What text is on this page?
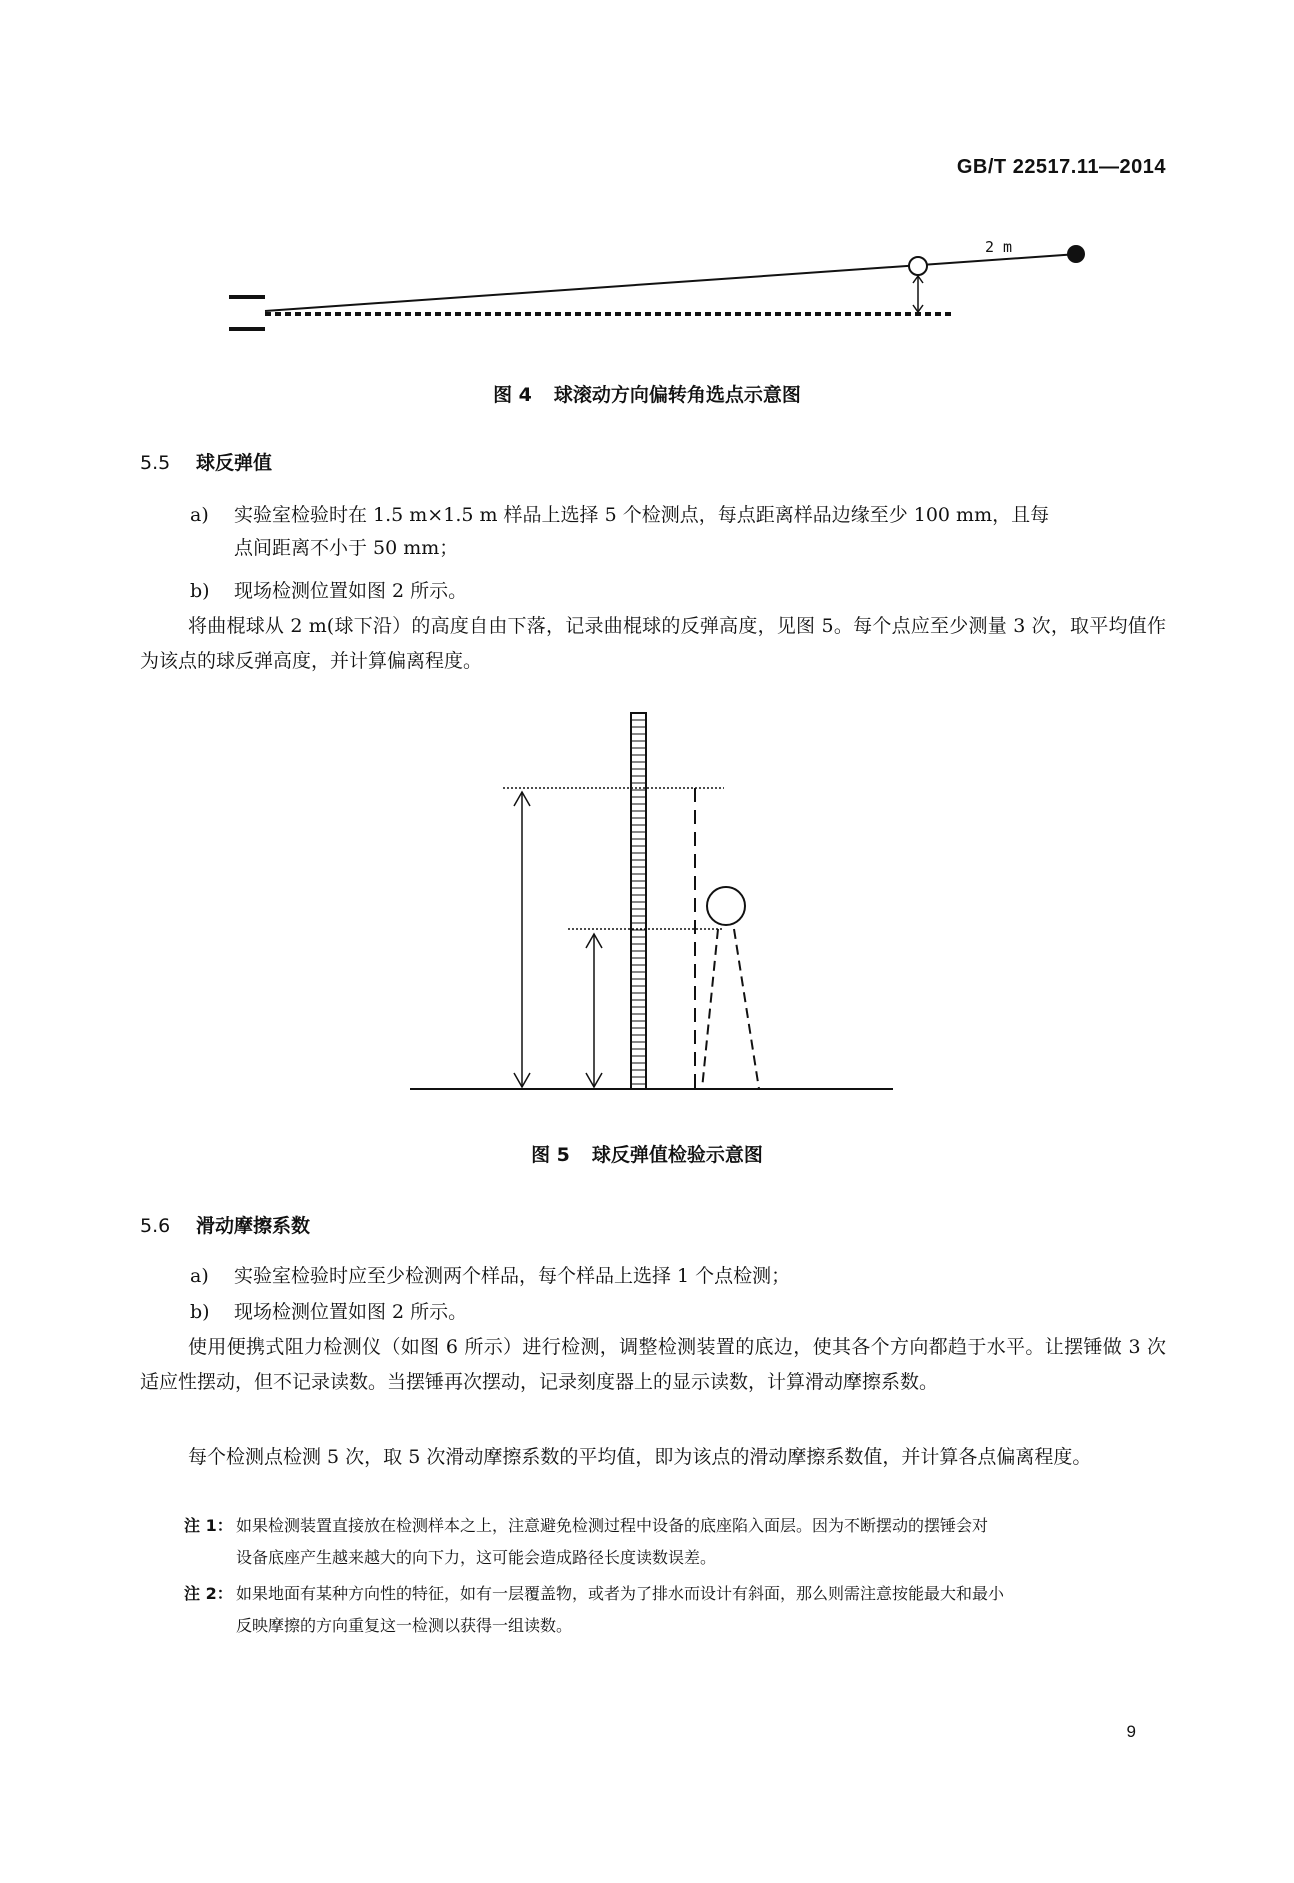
GB/T 22517.11—2014
2 m
图 4 球滚动方向偏转角选点示意图
5.5 球反弹值
a) 实验室检验时在 1.5 m×1.5 m 样品上选择 5 个检测点，每点距离样品边缘至少 100 mm，且每
点间距离不小于 50 mm；
b) 现场检测位置如图 2 所示。
将曲棍球从 2 m(球下沿）的高度自由下落，记录曲棍球的反弹高度，见图 5。每个点应至少测量 3 次，取平均值作为该点的球反弹高度，并计算偏离程度。
图 5 球反弹值检验示意图
5.6 滑动摩擦系数
a) 实验室检验时应至少检测两个样品，每个样品上选择 1 个点检测；
b) 现场检测位置如图 2 所示。
使用便携式阻力检测仪（如图 6 所示）进行检测，调整检测装置的底边，使其各个方向都趋于水平。让摆锤做 3 次适应性摆动，但不记录读数。当摆锤再次摆动，记录刻度器上的显示读数，计算滑动摩擦系数。
每个检测点检测 5 次，取 5 次滑动摩擦系数的平均值，即为该点的滑动摩擦系数值，并计算各点偏离程度。
注 1： 如果检测装置直接放在检测样本之上，注意避免检测过程中设备的底座陷入面层。因为不断摆动的摆锤会对
设备底座产生越来越大的向下力，这可能会造成路径长度读数误差。
注 2： 如果地面有某种方向性的特征，如有一层覆盖物，或者为了排水而设计有斜面，那么则需注意按能最大和最小
反映摩擦的方向重复这一检测以获得一组读数。
9
